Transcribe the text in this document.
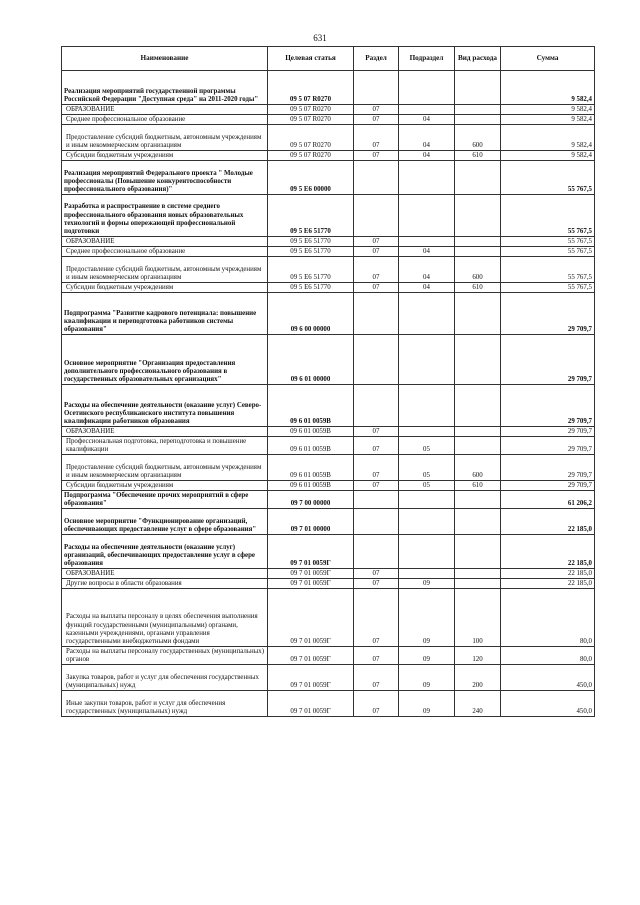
631
Наименование	Целевая статья	Раздел	Подраздел	Вид расхода	Сумма
Реализация мероприятий государственной программы Российской Федерации "Доступная среда" на 2011-2020 годы"	09 5 07 R0270				9 582,4
ОБРАЗОВАНИЕ	09 5 07 R0270	07			9 582,4
Среднее профессиональное образование	09 5 07 R0270	07	04		9 582,4
Предоставление субсидий бюджетным, автономным учреждениям и иным некоммерческим организациям	09 5 07 R0270	07	04	600	9 582,4
Субсидии бюджетным учреждениям	09 5 07 R0270	07	04	610	9 582,4
Реализация мероприятий Федерального проекта " Молодые профессионалы (Повышение конкурентоспособности профессионального образования)"	09 5 E6 00000				55 767,5
Разработка и распространение в системе среднего профессионального образования новых образовательных технологий и формы опережающей профессиональной подготовки	09 5 E6 51770				55 767,5
ОБРАЗОВАНИЕ	09 5 E6 51770	07			55 767,5
Среднее профессиональное образование	09 5 E6 51770	07	04		55 767,5
Предоставление субсидий бюджетным, автономным учреждениям и иным некоммерческим организациям	09 5 E6 51770	07	04	600	55 767,5
Субсидии бюджетным учреждениям	09 5 E6 51770	07	04	610	55 767,5
Подпрограмма "Развитие кадрового потенциала: повышение квалификации и переподготовка работников системы образования"	09 6 00 00000				29 709,7
Основное мероприятие "Организация предоставления дополнительного профессионального образования в государственных образовательных организациях"	09 6 01 00000				29 709,7
Расходы на обеспечение деятельности (оказание услуг) Северо-Осетинского республиканского института повышения квалификации работников образования	09 6 01 0059В				29 709,7
ОБРАЗОВАНИЕ	09 6 01 0059В	07			29 709,7
Профессиональная подготовка, переподготовка и повышение квалификации	09 6 01 0059В	07	05		29 709,7
Предоставление субсидий бюджетным, автономным учреждениям и иным некоммерческим организациям	09 6 01 0059В	07	05	600	29 709,7
Субсидии бюджетным учреждениям	09 6 01 0059В	07	05	610	29 709,7
Подпрограмма "Обеспечение прочих мероприятий в сфере образования"	09 7 00 00000				61 206,2
Основное мероприятие "Функционирование организаций, обеспечивающих предоставление услуг в сфере образования"	09 7 01 00000				22 185,0
Расходы на обеспечение деятельности (оказание услуг) организаций, обеспечивающих предоставление услуг в сфере образования	09 7 01 0059Г				22 185,0
ОБРАЗОВАНИЕ	09 7 01 0059Г	07			22 185,0
Другие вопросы в области образования	09 7 01 0059Г	07	09		22 185,0
Расходы на выплаты персоналу в целях обеспечения выполнения функций государственными (муниципальными) органами, казенными учреждениями, органами управления государственными внебюджетными фондами	09 7 01 0059Г	07	09	100	80,0
Расходы на выплаты персоналу государственных (муниципальных) органов	09 7 01 0059Г	07	09	120	80,0
Закупка товаров, работ и услуг для обеспечения государственных (муниципальных) нужд	09 7 01 0059Г	07	09	200	450,0
Иные закупки товаров, работ и услуг для обеспечения государственных (муниципальных) нужд	09 7 01 0059Г	07	09	240	450,0
